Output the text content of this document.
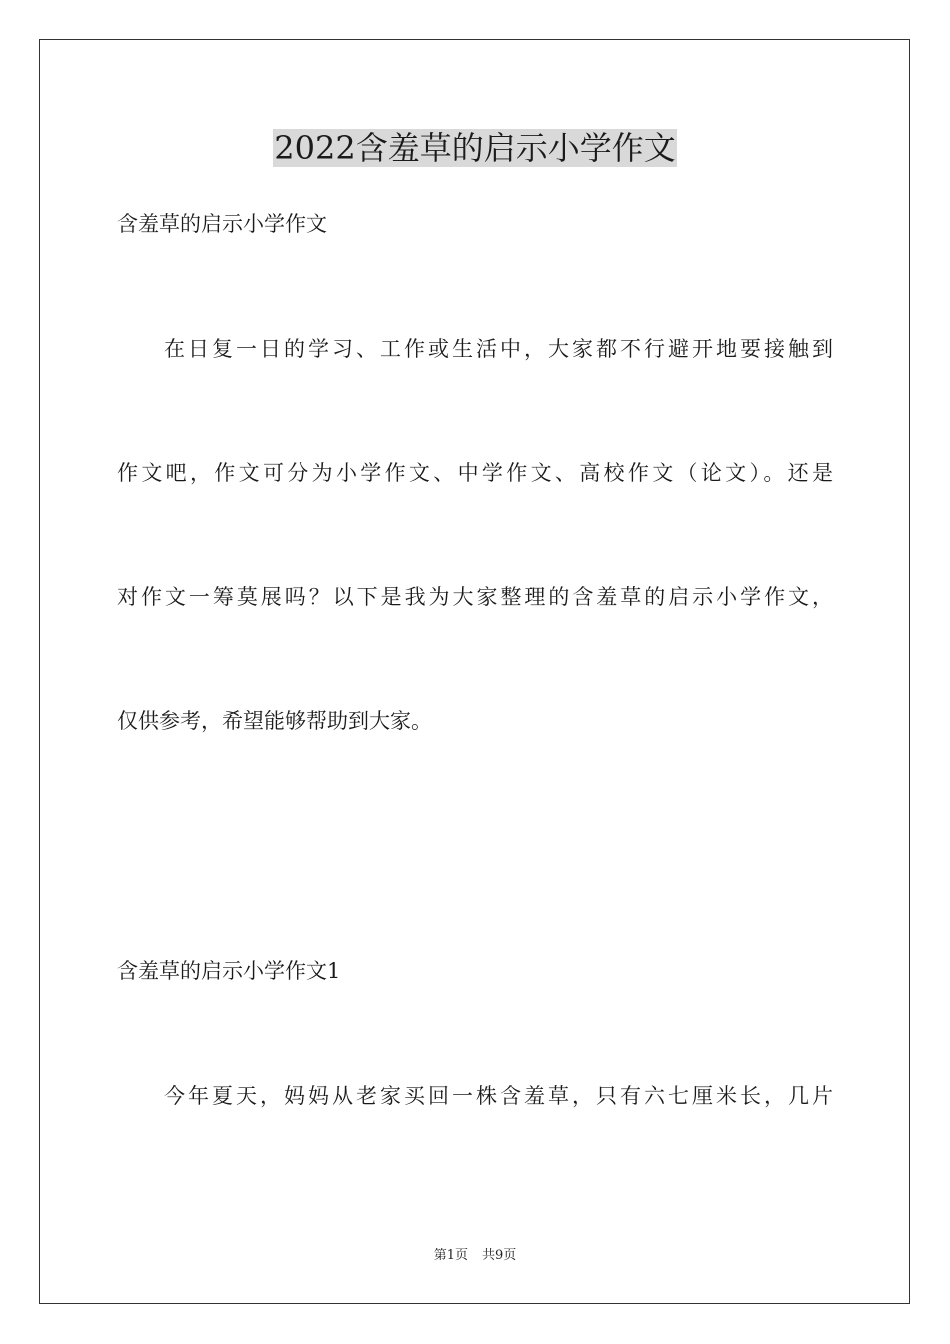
2022含羞草的启示小学作文
含羞草的启示小学作文
在日复一日的学习、工作或生活中，大家都不行避开地要接触到
作文吧，作文可分为小学作文、中学作文、高校作文（论文）。还是
对作文一筹莫展吗？以下是我为大家整理的含羞草的启示小学作文，
仅供参考，希望能够帮助到大家。
含羞草的启示小学作文1
今年夏天，妈妈从老家买回一株含羞草，只有六七厘米长，几片
第1页 共9页
